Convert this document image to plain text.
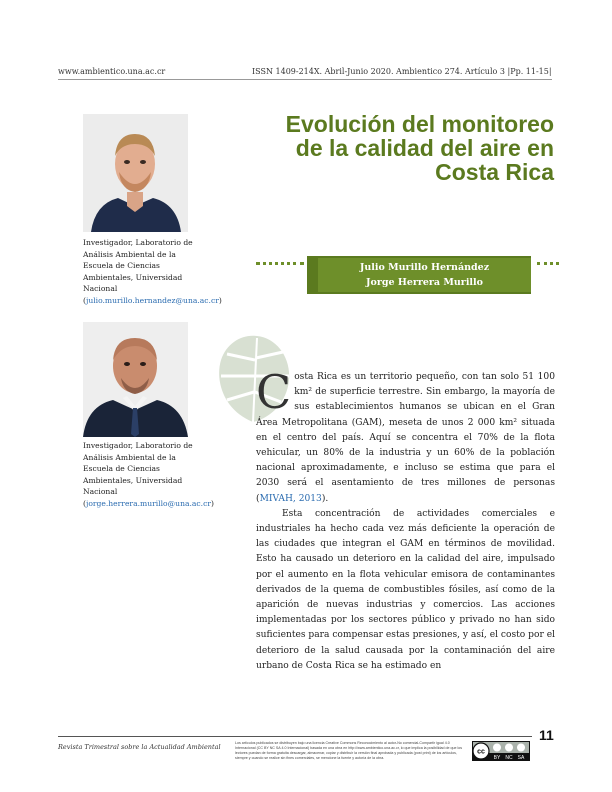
www.ambientico.una.ac.cr	ISSN 1409-214X. Abril-Junio 2020. Ambientico 274. Artículo 3 |Pp. 11-15|
Evolución del monitoreo de la calidad del aire en Costa Rica
Investigador, Laboratorio de Análisis Ambiental de la Escuela de Ciencias Ambientales, Universidad Nacional (julio.murillo.hernandez@una.ac.cr)
Investigador, Laboratorio de Análisis Ambiental de la Escuela de Ciencias Ambientales, Universidad Nacional (jorge.herrera.murillo@una.ac.cr)
Julio Murillo Hernández
Jorge Herrera Murillo

Costa Rica es un territorio pequeño, con tan solo 51 100 km² de superficie terrestre. Sin embargo, la mayoría de sus establecimientos humanos se ubican en el Gran Área Metropolitana (GAM), meseta de unos 2 000 km² situada en el centro del país. Aquí se concentra el 70% de la flota vehicular, un 80% de la industria y un 60% de la población nacional aproximadamente, e incluso se estima que para el 2030 será el asentamiento de tres millones de personas (MIVAH, 2013).

Esta concentración de actividades comerciales e industriales ha hecho cada vez más deficiente la operación de las ciudades que integran el GAM en términos de movilidad. Esto ha causado un deterioro en la calidad del aire, impulsado por el aumento en la flota vehicular emisora de contaminantes derivados de la quema de combustibles fósiles, así como de la aparición de nuevas industrias y comercios. Las acciones implementadas por los sectores público y privado no han sido suficientes para compensar estas presiones, y así, el costo por el deterioro de la salud causada por la contaminación del aire urbano de Costa Rica se ha estimado en

11
Revista Trimestral sobre la Actualidad Ambiental	Los artículos publicados se distribuyen bajo una licencia Creative Commons Reconocimiento al autor-No comercial-Compartir igual 4.0 Internacional (CC BY NC SA 4.0 Internacional) basada en una obra en http://www.ambientico.una.ac.cr, lo que implica la posibilidad de que los lectores puedan de forma gratuita descargar, almacenar, copiar y distribuir la versión final aprobada y publicada (post print) de los artículos, siempre y cuando se realice sin fines comerciales, se mencione la fuente y autoría de la obra.
cc
BY NC SA
